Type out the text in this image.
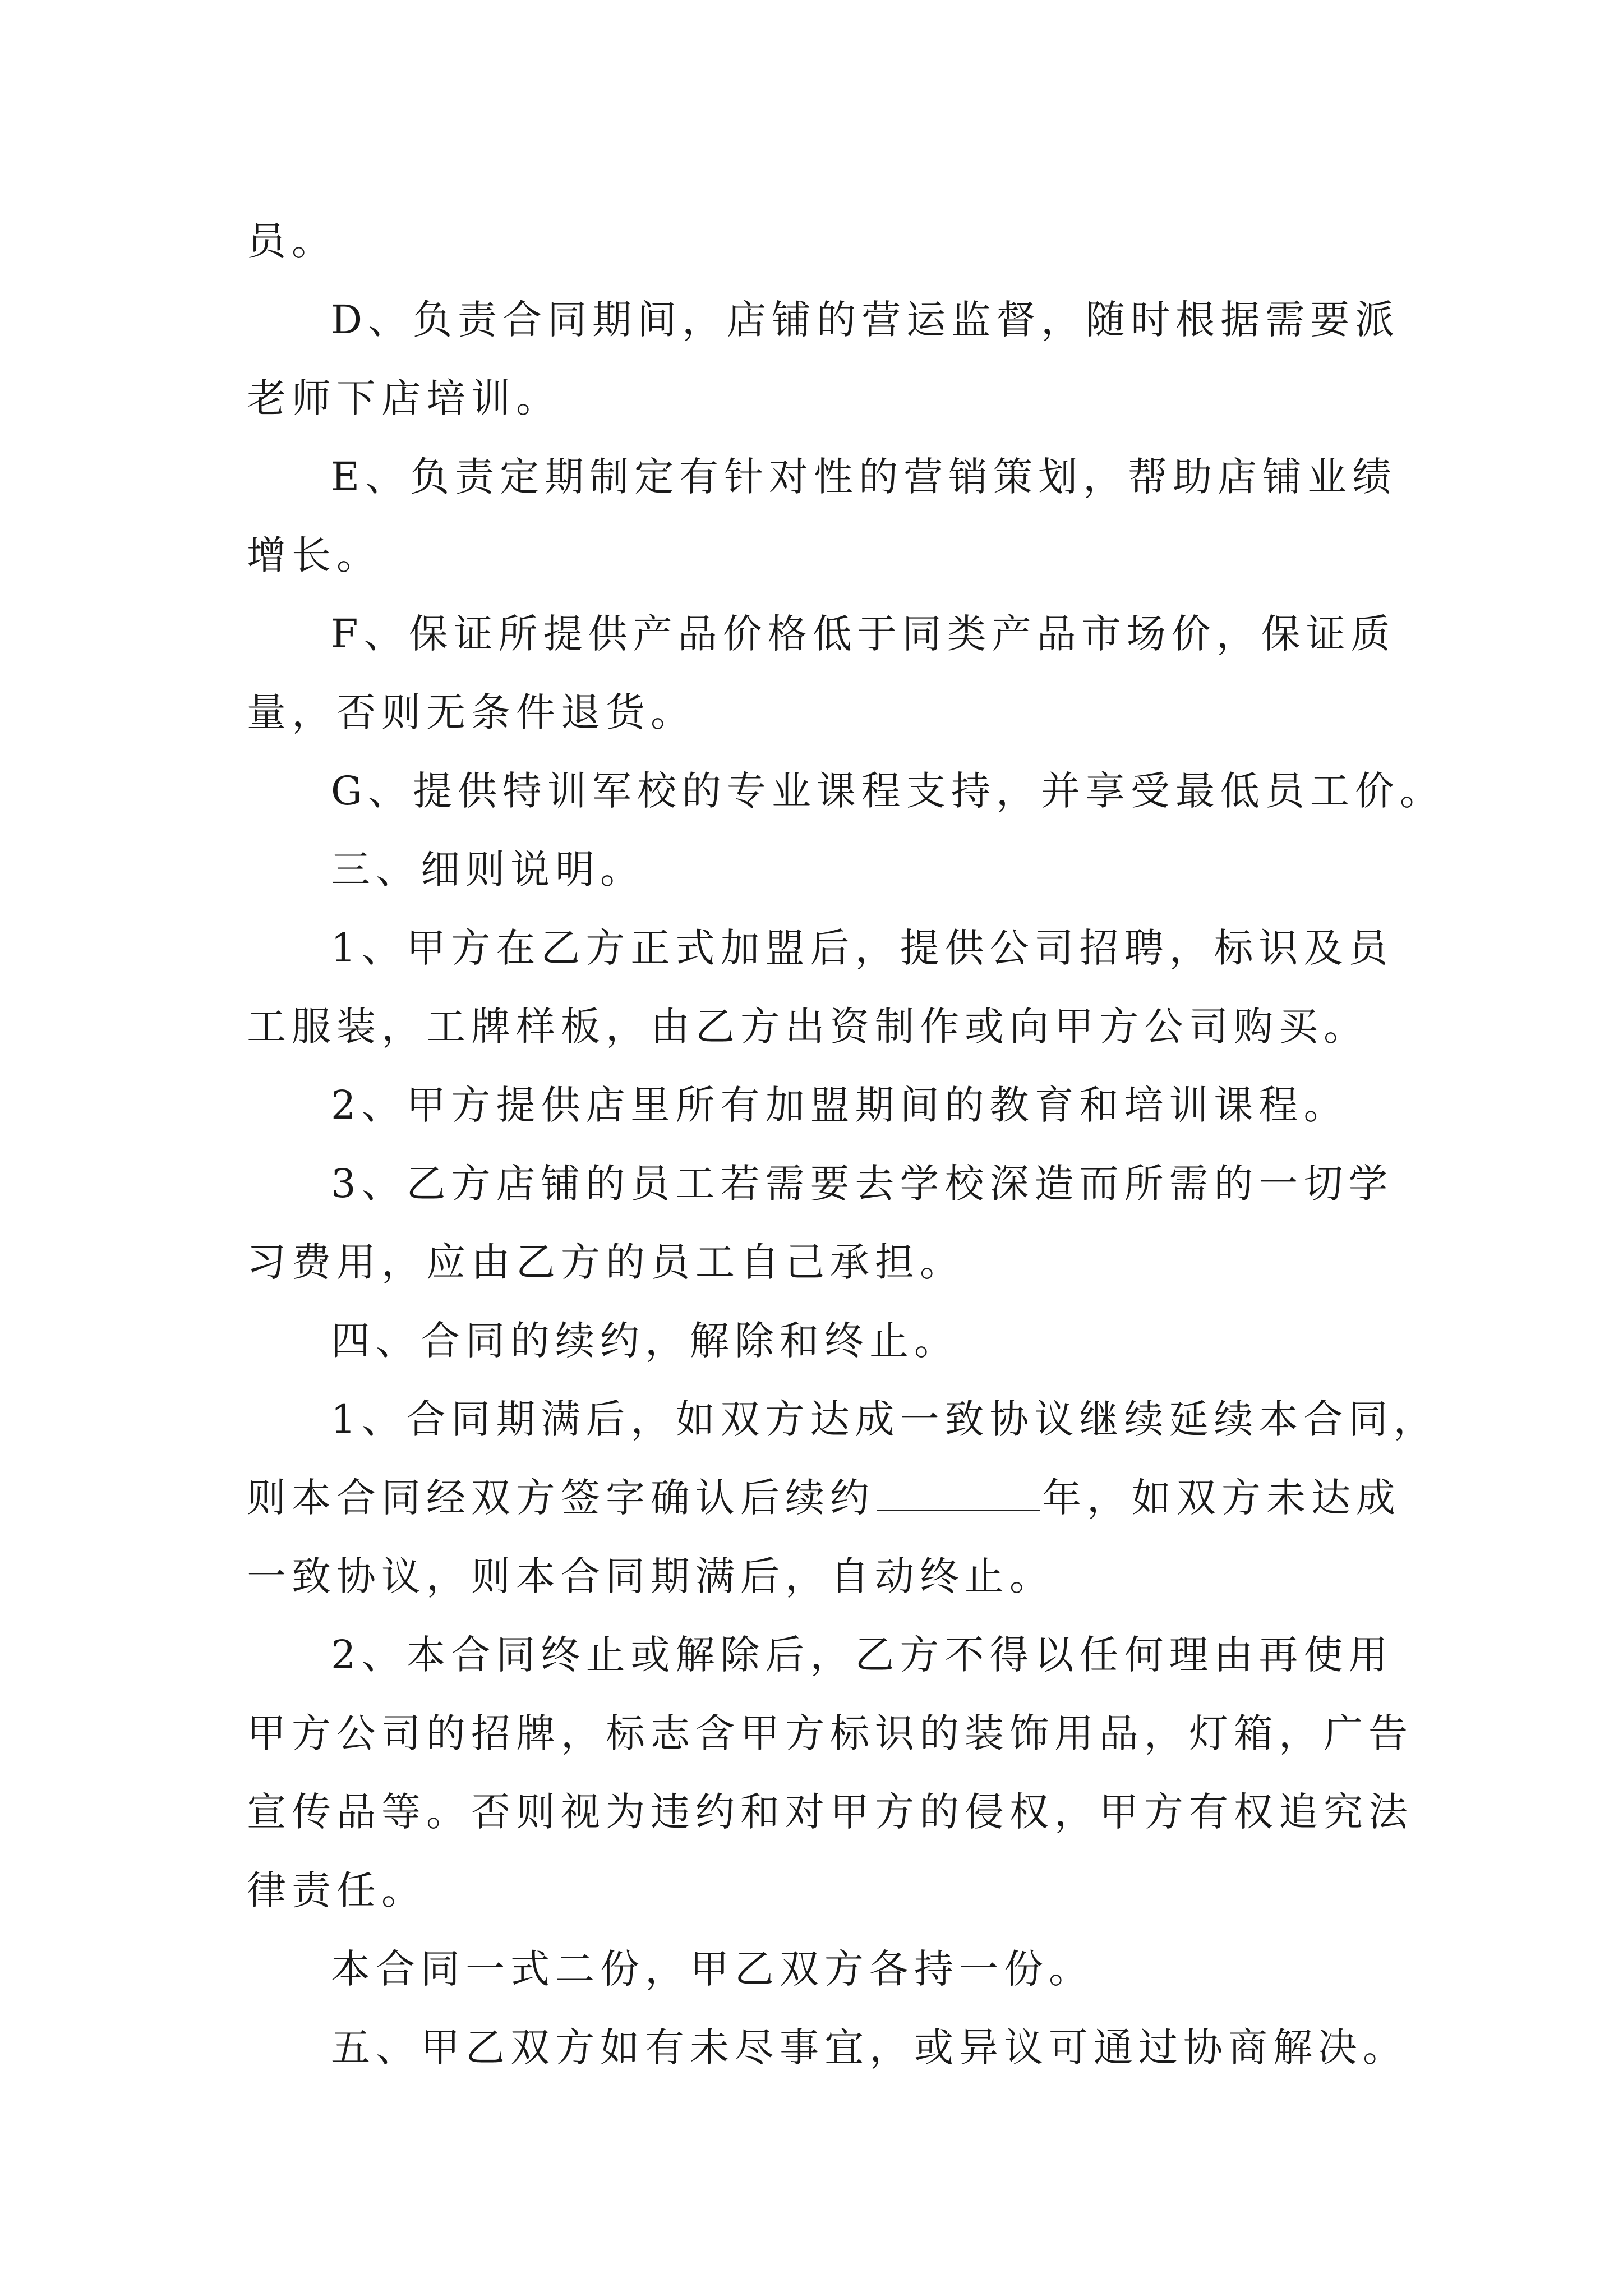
员。
D、负责合同期间，店铺的营运监督，随时根据需要派
老师下店培训。
E、负责定期制定有针对性的营销策划，帮助店铺业绩
增长。
F、保证所提供产品价格低于同类产品市场价，保证质
量，否则无条件退货。
G、提供特训军校的专业课程支持，并享受最低员工价。
三、细则说明。
1、甲方在乙方正式加盟后，提供公司招聘，标识及员
工服装，工牌样板，由乙方出资制作或向甲方公司购买。
2、甲方提供店里所有加盟期间的教育和培训课程。
3、乙方店铺的员工若需要去学校深造而所需的一切学
习费用，应由乙方的员工自己承担。
四、合同的续约，解除和终止。
1、合同期满后，如双方达成一致协议继续延续本合同，
则本合同经双方签字确认后续约	年，如双方未达成
一致协议，则本合同期满后，自动终止。
2、本合同终止或解除后，乙方不得以任何理由再使用
甲方公司的招牌，标志含甲方标识的装饰用品，灯箱，广告
宣传品等。否则视为违约和对甲方的侵权，甲方有权追究法
律责任。
本合同一式二份，甲乙双方各持一份。
五、甲乙双方如有未尽事宜，或异议可通过协商解决。
